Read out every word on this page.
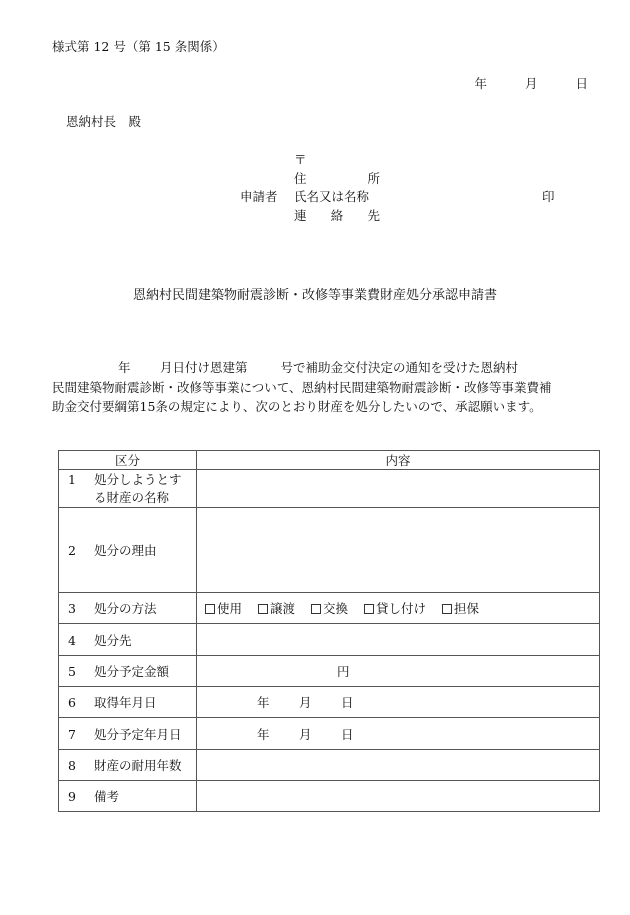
様式第 12 号（第 15 条関係）
年	月	日
恩納村長　殿
〒
住	所
申請者	氏名又は名称	印
連 絡 先
恩納村民間建築物耐震診断・改修等事業費財産処分承認申請書
年 月日付け恩建第	号で補助金交付決定の通知を受けた恩納村
民間建築物耐震診断・改修等事業について、恩納村民間建築物耐震診断・改修等事業費補
助金交付要綱第15条の規定により、次のとおり財産を処分したいので、承認願います。
区分	内容
1 処分しようとす
る財産の名称	
2 処分の理由	
3 処分の方法	使用 譲渡 交換 貸し付け 担保
4 処分先	
5 処分予定金額	円
6 取得年月日	年 月 日
7 処分予定年月日	年 月 日
8 財産の耐用年数	
9 備考	
